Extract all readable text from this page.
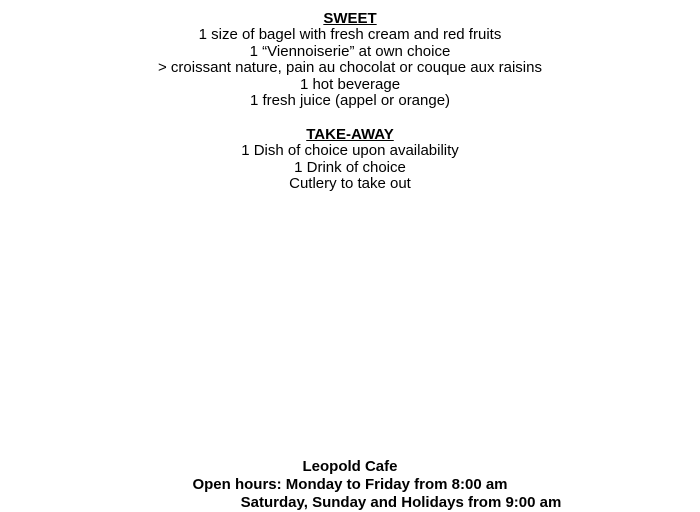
SWEET

1 size of bagel with fresh cream and red fruits

1 “Viennoiserie” at own choice

> croissant nature, pain au chocolat or couque aux raisins

1 hot beverage

1 fresh juice (appel or orange)

TAKE-AWAY

1 Dish of choice upon availability

1 Drink of choice

Cutlery to take out

Leopold Cafe

Open hours: Monday to Friday from 8:00 am

Saturday, Sunday and Holidays from 9:00 am
